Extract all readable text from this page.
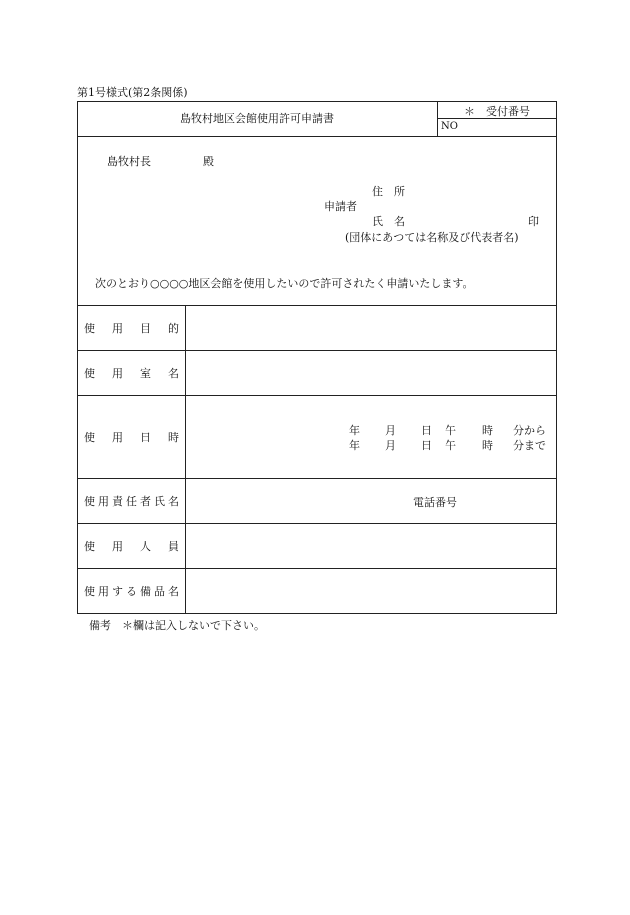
第1号様式(第2条関係)
島牧村地区会館使用許可申請書
＊　受付番号
NO
島牧村長	殿
住　所
申請者
氏　名	印
(団体にあつては名称及び代表者名)
次のとおり○○○○地区会館を使用したいので許可されたく申請いたします。
使 用 目 的
使 用 室 名
使 用 日 時	年 月 日 午 時 分から
年 月 日 午 時 分まで
使 用 責 任 者 氏 名	電話番号
使 用 人 員
使 用 す る 備 品 名
備考　＊欄は記入しないで下さい。
